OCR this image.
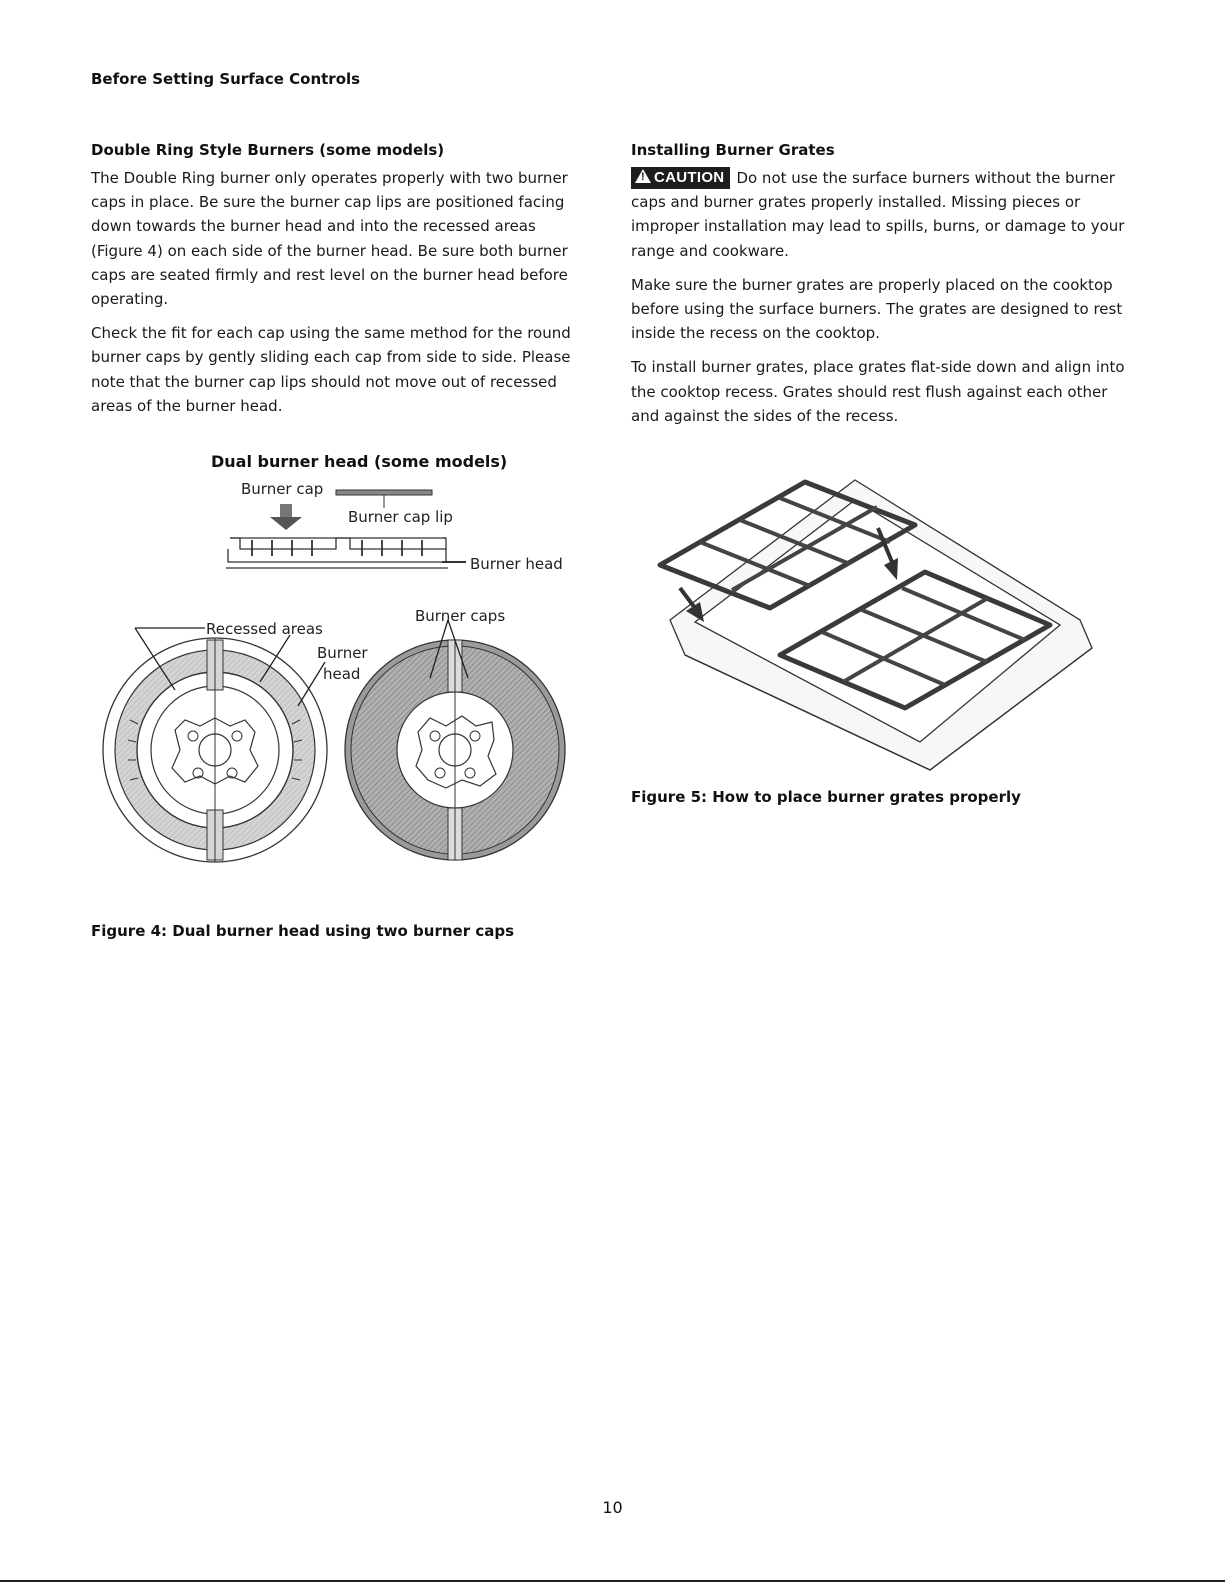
Before Setting Surface Controls
Double Ring Style Burners (some models)
The Double Ring burner only operates properly with two burner caps in place. Be sure the burner cap lips are positioned facing down towards the burner head and into the recessed areas (Figure 4) on each side of the burner head. Be sure both burner caps are seated firmly and rest level on the burner head before operating.
Check the fit for each cap using the same method for the round burner caps by gently sliding each cap from side to side. Please note that the burner cap lips should not move out of recessed areas of the burner head.
Installing Burner Grates
! CAUTION Do not use the surface burners without the burner caps and burner grates properly installed. Missing pieces or improper installation may lead to spills, burns, or damage to your range and cookware.
Make sure the burner grates are properly placed on the cooktop before using the surface burners. The grates are designed to rest inside the recess on the cooktop.
To install burner grates, place grates flat-side down and align into the cooktop recess. Grates should rest flush against each other and against the sides of the recess.
Dual burner head (some models)
Burner cap
Burner cap lip
Burner head
Recessed areas
Burner
head
Burner caps
Figure 4: Dual burner head using two burner caps
Figure 5: How to place burner grates properly
10
